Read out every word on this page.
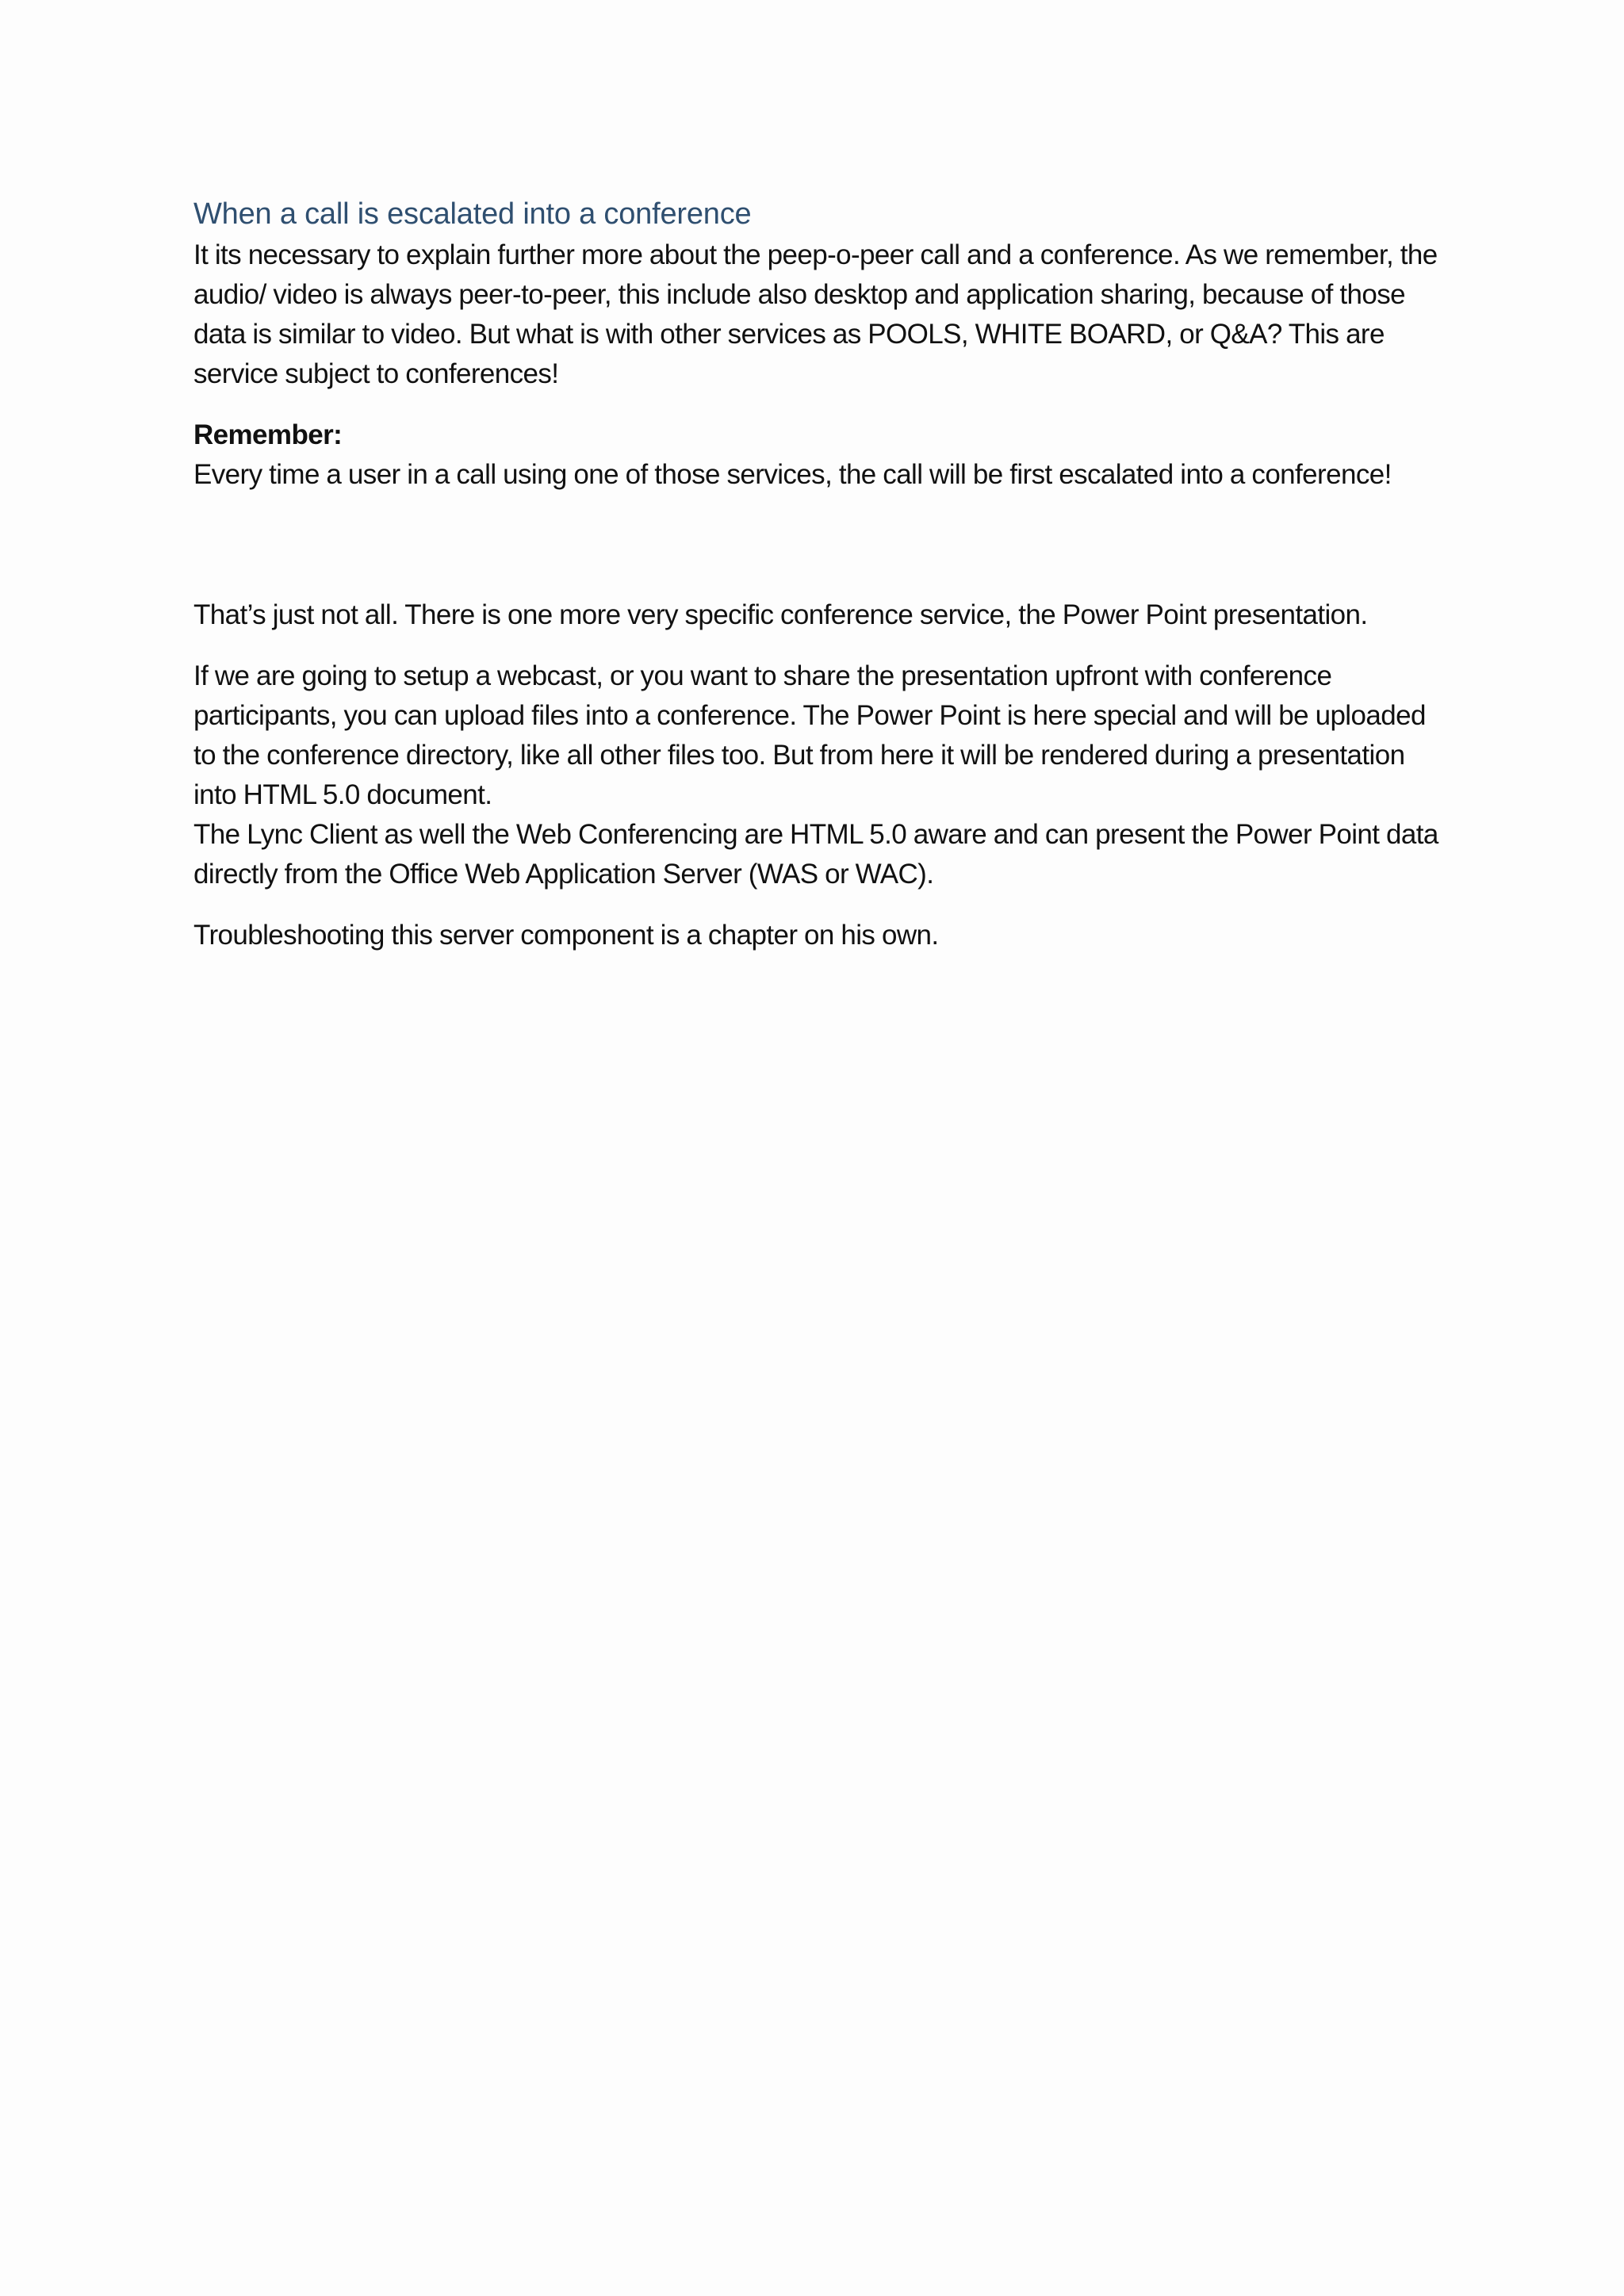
When a call is escalated into a conference

It its necessary to explain further more about the peep-o-peer call and a conference. As we remember, the audio/ video is always peer-to-peer, this include also desktop and application sharing, because of those data is similar to video. But what is with other services as POOLS, WHITE BOARD, or Q&A? This are service subject to conferences!

Remember:
Every time a user in a call using one of those services, the call will be first escalated into a conference!

That’s just not all. There is one more very specific conference service, the Power Point presentation.

If we are going to setup a webcast, or you want to share the presentation upfront with conference participants, you can upload files into a conference. The Power Point is here special and will be uploaded to the conference directory, like all other files too. But from here it will be rendered during a presentation into HTML 5.0 document.

The Lync Client as well the Web Conferencing are HTML 5.0 aware and can present the Power Point data directly from the Office Web Application Server (WAS or WAC).

Troubleshooting this server component is a chapter on his own.
